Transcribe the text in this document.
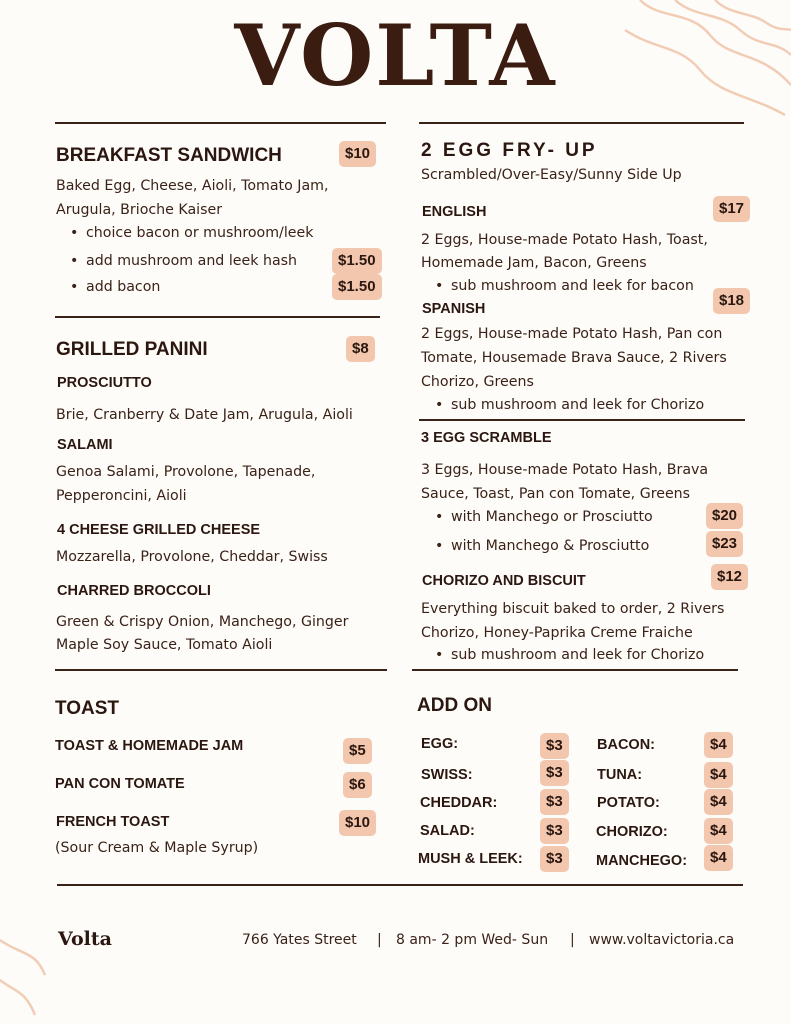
VOLTA
BREAKFAST SANDWICH	$10
Baked Egg, Cheese, Aioli, Tomato Jam,
Arugula, Brioche Kaiser
• choice bacon or mushroom/leek
• add mushroom and leek hash	$1.50
• add bacon	$1.50
GRILLED PANINI	$8
PROSCIUTTO
Brie, Cranberry & Date Jam, Arugula, Aioli
SALAMI
Genoa Salami, Provolone, Tapenade,
Pepperoncini, Aioli
4 CHEESE GRILLED CHEESE
Mozzarella, Provolone, Cheddar, Swiss
CHARRED BROCCOLI
Green & Crispy Onion, Manchego, Ginger
Maple Soy Sauce, Tomato Aioli
2 EGG FRY- UP
Scrambled/Over-Easy/Sunny Side Up
ENGLISH	$17
2 Eggs, House-made Potato Hash, Toast,
Homemade Jam, Bacon, Greens
• sub mushroom and leek for bacon
SPANISH	$18
2 Eggs, House-made Potato Hash, Pan con
Tomate, Housemade Brava Sauce, 2 Rivers
Chorizo, Greens
• sub mushroom and leek for Chorizo
3 EGG SCRAMBLE
3 Eggs, House-made Potato Hash, Brava
Sauce, Toast, Pan con Tomate, Greens
• with Manchego or Prosciutto	$20
• with Manchego & Prosciutto	$23
CHORIZO AND BISCUIT	$12
Everything biscuit baked to order, 2 Rivers
Chorizo, Honey-Paprika Creme Fraiche
• sub mushroom and leek for Chorizo
TOAST
TOAST & HOMEMADE JAM	$5
PAN CON TOMATE	$6
FRENCH TOAST	$10
(Sour Cream & Maple Syrup)
ADD ON
EGG:	$3
SWISS:	$3
CHEDDAR:	$3
SALAD:	$3
MUSH & LEEK:	$3
BACON:	$4
TUNA:	$4
POTATO:	$4
CHORIZO:	$4
MANCHEGO:	$4
Volta	766 Yates Street | 8 am- 2 pm Wed- Sun | www.voltavictoria.ca
